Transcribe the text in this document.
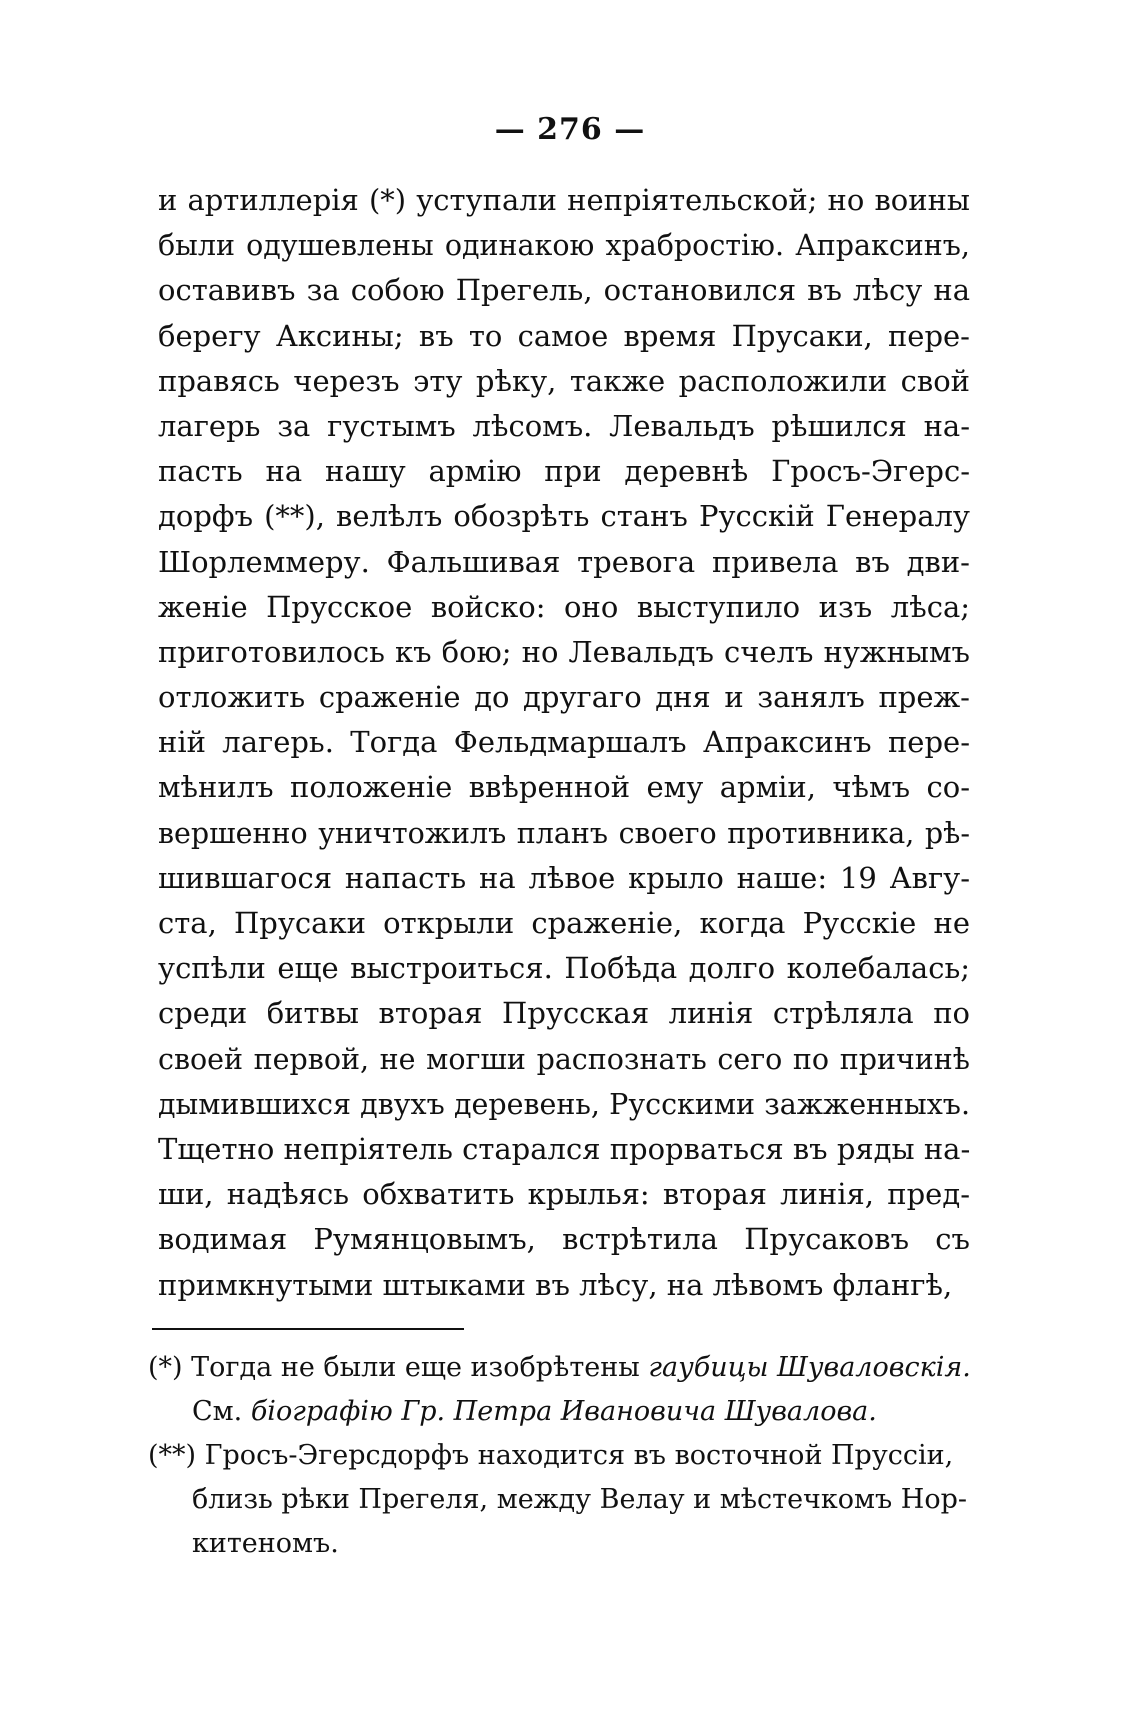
— 276 —
и артиллерія (*) уступали непріятельской; но воины
были одушевлены одинакою храбростію. Апраксинъ,
оставивъ за собою Прегель, остановился въ лѣсу на
берегу Аксины; въ то самое время Прусаки, пере-
правясь черезъ эту рѣку, также расположили свой
лагерь за густымъ лѣсомъ. Левальдъ рѣшился на-
пасть на нашу армію при деревнѣ Гросъ-Эгерс-
дорфъ (**), велѣлъ обозрѣть станъ Русскій Генералу
Шорлеммеру. Фальшивая тревога привела въ дви-
женіе Прусское войско: оно выступило изъ лѣса;
приготовилось къ бою; но Левальдъ счелъ нужнымъ
отложить сраженіе до другаго дня и занялъ преж-
ній лагерь. Тогда Фельдмаршалъ Апраксинъ пере-
мѣнилъ положеніе ввѣренной ему арміи, чѣмъ со-
вершенно уничтожилъ планъ своего противника, рѣ-
шившагося напасть на лѣвое крыло наше: 19 Авгу-
ста, Прусаки открыли сраженіе, когда Русскіе не
успѣли еще выстроиться. Побѣда долго колебалась;
среди битвы вторая Прусская линія стрѣляла по
своей первой, не могши распознать сего по причинѣ
дымившихся двухъ деревень, Русскими зажженныхъ.
Тщетно непріятель старался прорваться въ ряды на-
ши, надѣясь обхватить крылья: вторая линія, пред-
водимая Румянцовымъ, встрѣтила Прусаковъ съ
примкнутыми штыками въ лѣсу, на лѣвомъ флангѣ,
(*) Тогда не были еще изобрѣтены гаубицы Шуваловскія.
См. біографію Гр. Петра Ивановича Шувалова.
(**) Гросъ-Эгерсдорфъ находится въ восточной Пруссіи,
близь рѣки Прегеля, между Велау и мѣстечкомъ Нор-
китеномъ.
